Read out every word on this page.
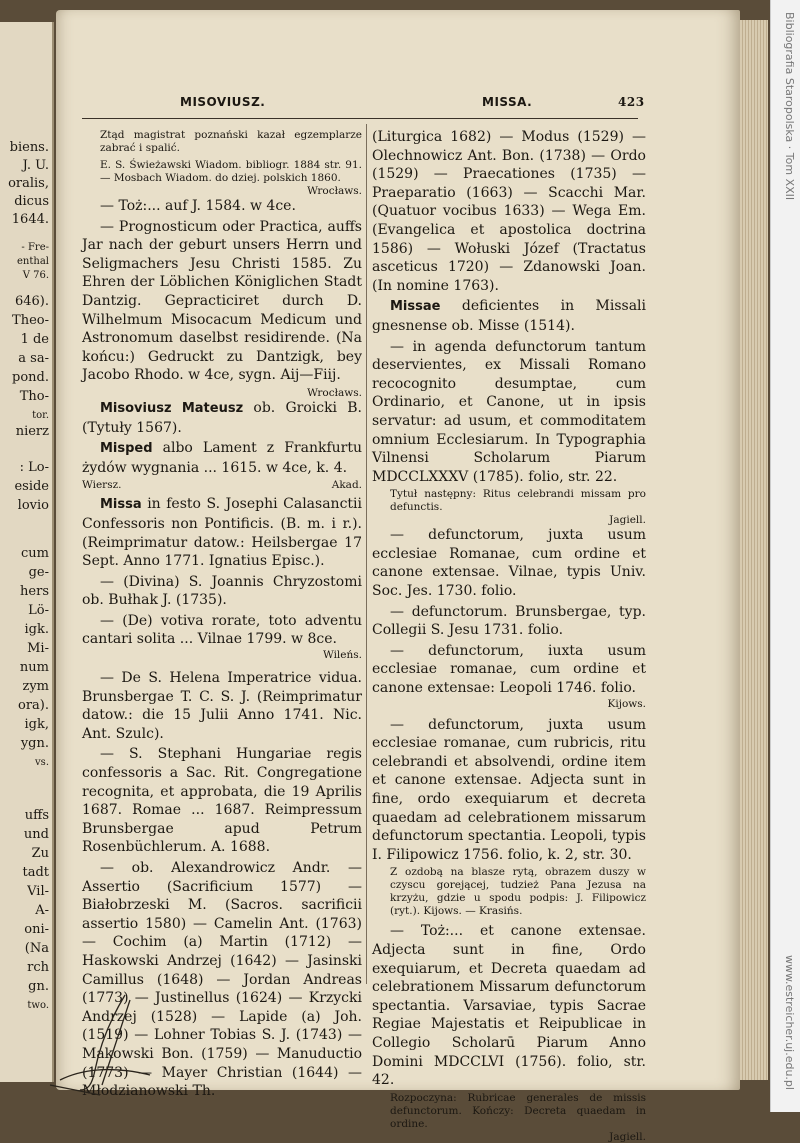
biens.
J. U.
oralis,
dicus
1644.
- Fre-
enthal
V 76.
646).
Theo-
1 de
a sa-
pond.
Tho-
tor.
nierz
: Lo-
eside
lovio
cum
ge-
hers
Lö-
igk.
Mi-
num
zym
ora).
igk,
ygn.
vs.
uffs
und
Zu
tadt
Vil-
A-
oni-
(Na
rch
gn.
two.
Bibliografia Staropolska · Tom XXII
www.estreicher.uj.edu.pl
MISOVIUSZ.	MISSA.	423

Ztąd magistrat poznański kazał egzemplarze zabrać i spalić.

E. S. Świeżawski Wiadom. bibliogr. 1884 str. 91. — Mosbach Wiadom. do dziej. polskich 1860.

Wrocławs.

— Toż:... auf J. 1584. w 4ce.

— Prognosticum oder Practica, auffs Jar nach der geburt unsers Herrn und Seligmachers Jesu Christi 1585. Zu Ehren der Löblichen Königlichen Stadt Dantzig. Gepracticiret durch D. Wilhelmum Misocacum Medicum und Astronomum daselbst residirende. (Na końcu:) Gedruckt zu Dantzigk, bey Jacobo Rhodo. w 4ce, sygn. Aij—Fiij.

Wrocławs.

Misoviusz Mateusz ob. Groicki B. (Tytuły 1567).

Misped albo Lament z Frankfurtu żydów wygnania ... 1615. w 4ce, k. 4.

Wiersz.	Akad.

Missa in festo S. Josephi Calasanctii Confessoris non Pontificis. (B. m. i r.). (Reimprimatur datow.: Heilsbergae 17 Sept. Anno 1771. Ignatius Episc.).

— (Divina) S. Joannis Chryzostomi ob. Bułhak J. (1735).

— (De) votiva rorate, toto adventu cantari solita ... Vilnae 1799. w 8ce.

Wileńs.

— De S. Helena Imperatrice vidua. Brunsbergae T. C. S. J. (Reimprimatur datow.: die 15 Julii Anno 1741. Nic. Ant. Szulc).

— S. Stephani Hungariae regis confessoris a Sac. Rit. Congregatione recognita, et approbata, die 19 Aprilis 1687. Romae ... 1687. Reimpressum Brunsbergae apud Petrum Rosenbüchlerum. A. 1688.

— ob. Alexandrowicz Andr. — Assertio (Sacrificium 1577) — Białobrzeski M. (Sacros. sacrificii assertio 1580) — Camelin Ant. (1763) — Cochim (a) Martin (1712) — Haskowski Andrzej (1642) — Jasinski Camillus (1648) — Jordan Andreas (1773) — Justinellus (1624) — Krzycki Andrzej (1528) — Lapide (a) Joh. (1519) — Lohner Tobias S. J. (1743) — Makowski Bon. (1759) — Manuductio (1773) — Mayer Christian (1644) — Młodzianowski Th.

(Liturgica 1682) — Modus (1529) — Olechnowicz Ant. Bon. (1738) — Ordo (1529) — Praecationes (1735) — Praeparatio (1663) — Scacchi Mar. (Quatuor vocibus 1633) — Wega Em. (Evangelica et apostolica doctrina 1586) — Wołuski Józef (Tractatus asceticus 1720) — Zdanowski Joan. (In nomine 1763).

Missae deficientes in Missali gnesnense ob. Misse (1514).

— in agenda defunctorum tantum deservientes, ex Missali Romano recocognito desumptae, cum Ordinario, et Canone, ut in ipsis servatur: ad usum, et commoditatem omnium Ecclesiarum. In Typographia Vilnensi Scholarum Piarum MDCCLXXXV (1785). folio, str. 22.

Tytuł następny: Ritus celebrandi missam pro defunctis.

Jagiell.

— defunctorum, juxta usum ecclesiae Romanae, cum ordine et canone extensae. Vilnae, typis Univ. Soc. Jes. 1730. folio.

— defunctorum. Brunsbergae, typ. Collegii S. Jesu 1731. folio.

— defunctorum, iuxta usum ecclesiae romanae, cum ordine et canone extensae: Leopoli 1746. folio.

Kijows.

— defunctorum, juxta usum ecclesiae romanae, cum rubricis, ritu celebrandi et absolvendi, ordine item et canone extensae. Adjecta sunt in fine, ordo exequiarum et decreta quaedam ad celebrationem missarum defunctorum spectantia. Leopoli, typis I. Filipowicz 1756. folio, k. 2, str. 30.

Z ozdobą na blasze rytą, obrazem duszy w czyscu gorejącej, tudzież Pana Jezusa na krzyżu, gdzie u spodu podpis: J. Filipowicz (ryt.). Kijows. — Krasińs.

— Toż:... et canone extensae. Adjecta sunt in fine, Ordo exequiarum, et Decreta quaedam ad celebrationem Missarum defunctorum spectantia. Varsaviae, typis Sacrae Regiae Majestatis et Reipublicae in Collegio Scholarū Piarum Anno Domini MDCCLVI (1756). folio, str. 42.

Rozpoczyna: Rubricae generales de missis defunctorum. Kończy: Decreta quaedam in ordine.

Jagiell.
